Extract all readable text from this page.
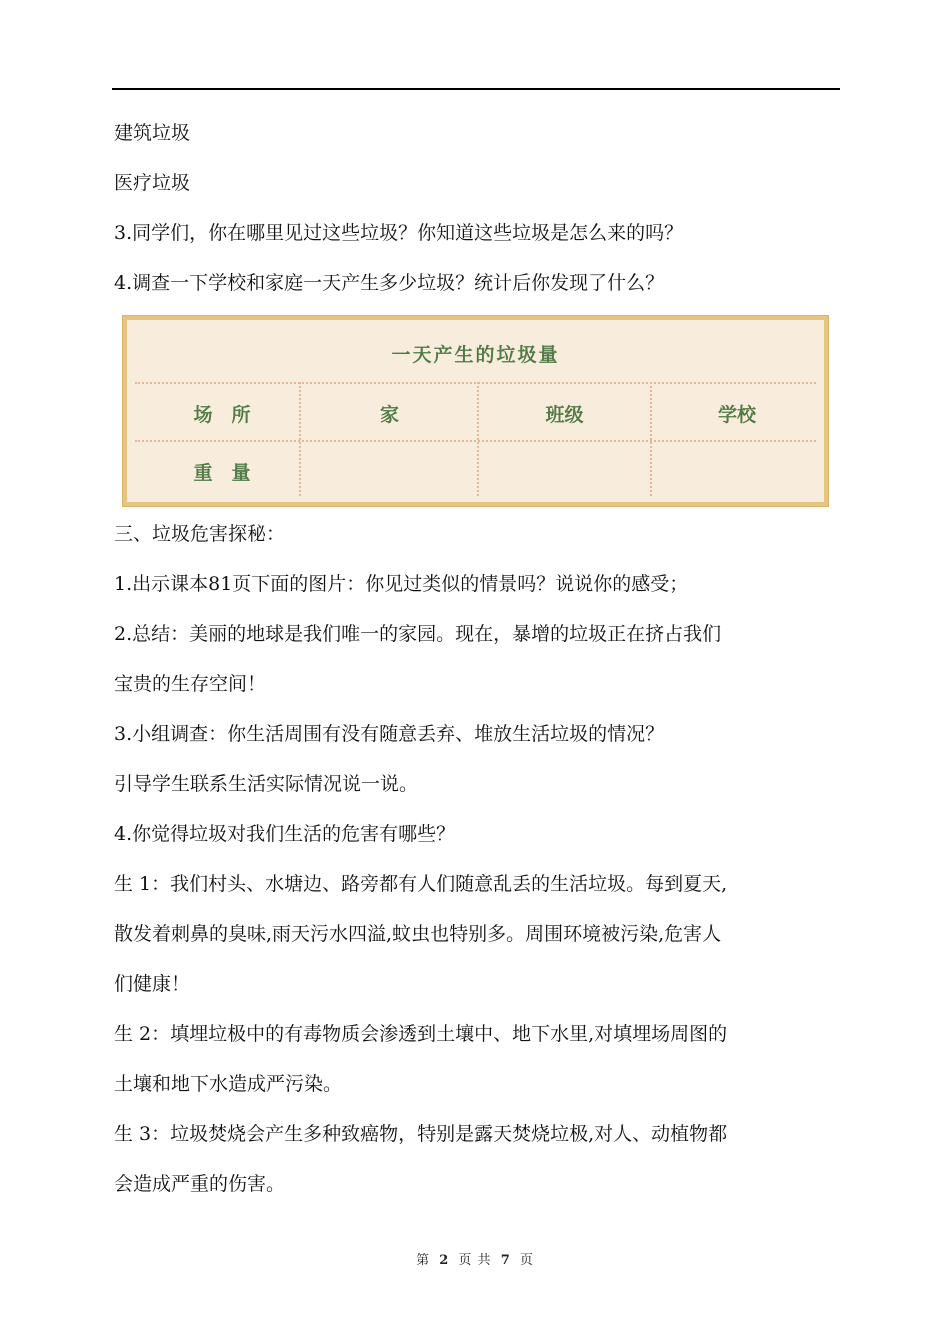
建筑垃圾
医疗垃圾
3.同学们，你在哪里见过这些垃圾？你知道这些垃圾是怎么来的吗？
4.调查一下学校和家庭一天产生多少垃圾？统计后你发现了什么？
一天产生的垃圾量
场　所	家	班级	学校
重　量
三、垃圾危害探秘：
1.出示课本81页下面的图片：你见过类似的情景吗？说说你的感受；
2.总结：美丽的地球是我们唯一的家园。现在，暴增的垃圾正在挤占我们
宝贵的生存空间！
3.小组调查：你生活周围有没有随意丢弃、堆放生活垃圾的情况？
引导学生联系生活实际情况说一说。
4.你觉得垃圾对我们生活的危害有哪些？
生 1：我们村头、水塘边、路旁都有人们随意乱丢的生活垃圾。每到夏天,
散发着刺鼻的臭味,雨天污水四溢,蚊虫也特别多。周围环境被污染,危害人
们健康！
生 2：填埋垃极中的有毒物质会渗透到土壤中、地下水里,对填埋场周图的
土壤和地下水造成严污染。
生 3：垃圾焚烧会产生多种致癌物，特别是露天焚烧垃极,对人、动植物都
会造成严重的伤害。
第 2 页 共 7 页
